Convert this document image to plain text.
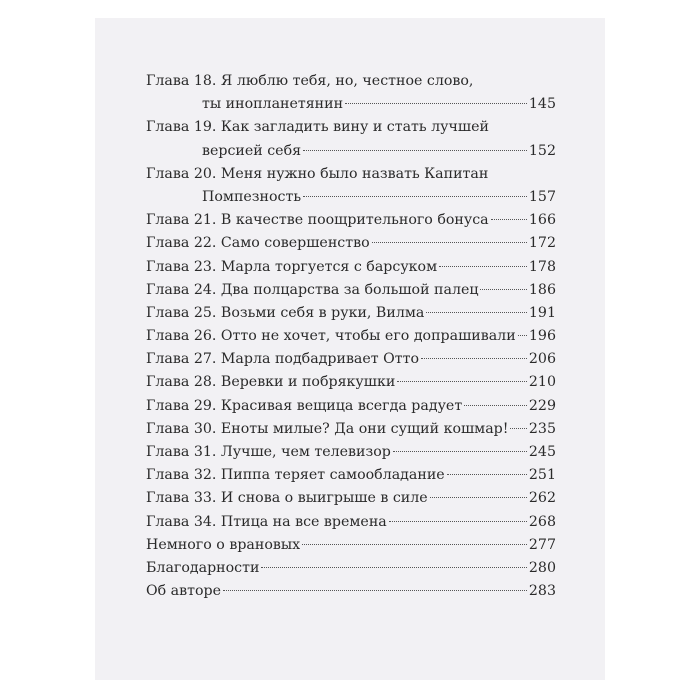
Глава 18. Я люблю тебя, но, честное слово,
ты инопланетянин	145
Глава 19. Как загладить вину и стать лучшей
версией себя	152
Глава 20. Меня нужно было назвать Капитан
Помпезность	157
Глава 21. В качестве поощрительного бонуса	166
Глава 22. Само совершенство	172
Глава 23. Марла торгуется с барсуком	178
Глава 24. Два полцарства за большой палец	186
Глава 25. Возьми себя в руки, Вилма	191
Глава 26. Отто не хочет, чтобы его допрашивали 196
Глава 27. Марла подбадривает Отто	206
Глава 28. Веревки и побрякушки	210
Глава 29. Красивая вещица всегда радует	229
Глава 30. Еноты милые? Да они сущий кошмар! 235
Глава 31. Лучше, чем телевизор	245
Глава 32. Пиппа теряет самообладание	251
Глава 33. И снова о выигрыше в силе	262
Глава 34. Птица на все времена	268
Немного о врановых	277
Благодарности	280
Об авторе	283
